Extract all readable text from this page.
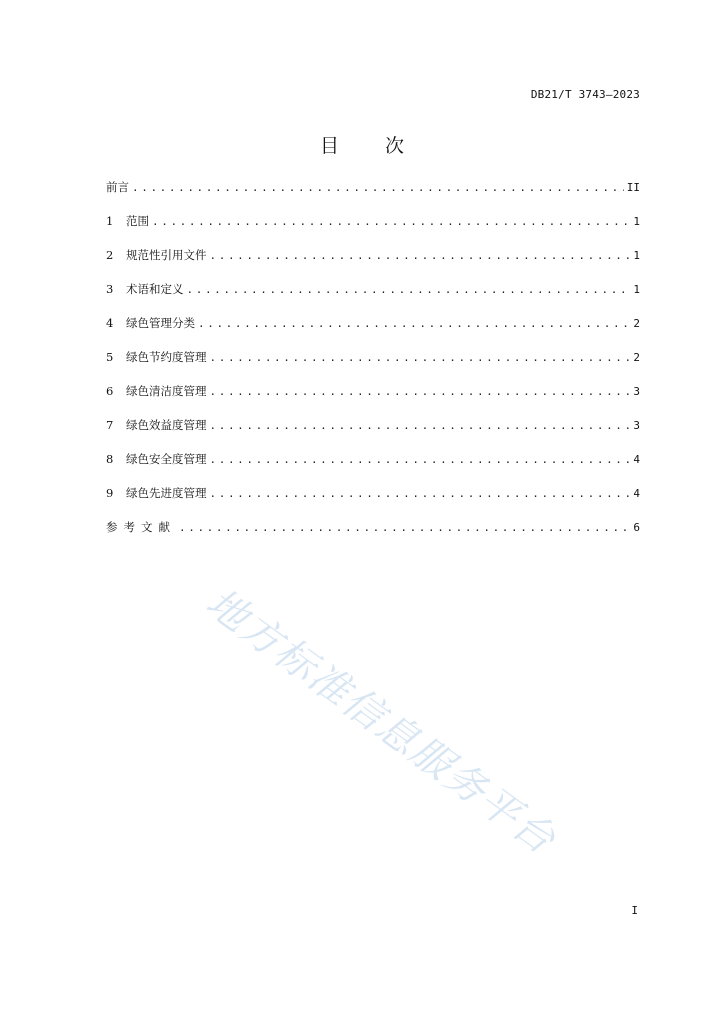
DB21/T 3743—2023
目 次
前言 .....	II
1	范围 .....	1
2	规范性引用文件 .....	1
3	术语和定义 .....	1
4	绿色管理分类 .....	2
5	绿色节约度管理 .....	2
6	绿色清洁度管理 .....	3
7	绿色效益度管理 .....	3
8	绿色安全度管理 .....	4
9	绿色先进度管理 .....	4
参考文献 .....	6
地方标准信息服务平台
I
